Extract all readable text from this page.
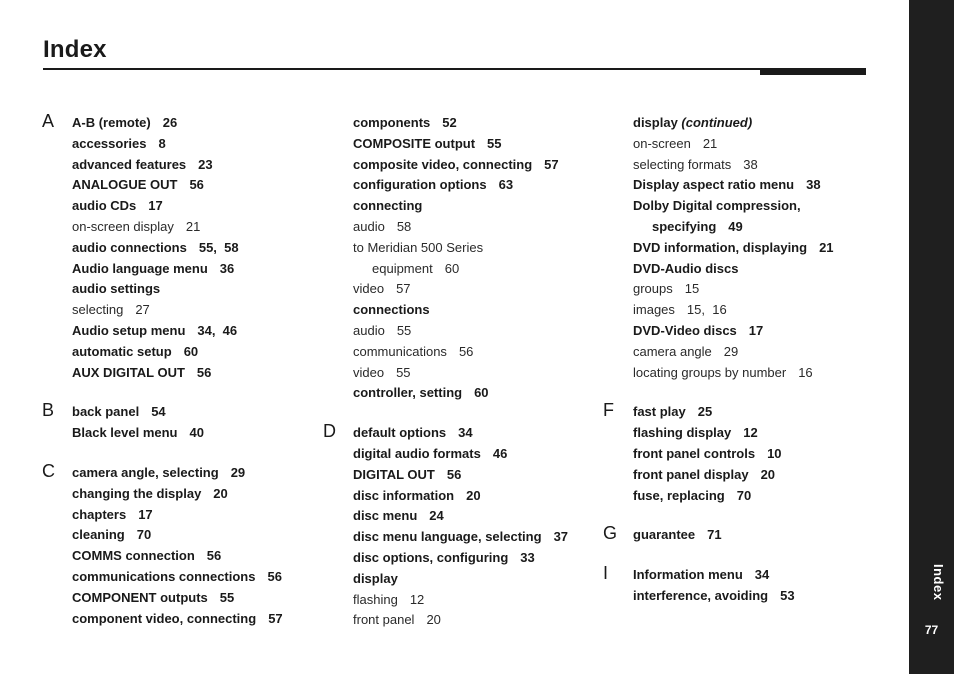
Index
Index
77
A A-B (remote) 26
accessories 8
advanced features 23
ANALOGUE OUT 56
audio CDs 17
on-screen display 21
audio connections 55,  58
Audio language menu 36
audio settings
selecting 27
Audio setup menu 34,  46
automatic setup 60
AUX DIGITAL OUT 56
B back panel 54
Black level menu 40
C camera angle, selecting 29
changing the display 20
chapters 17
cleaning 70
COMMS connection 56
communications connections 56
COMPONENT outputs 55
component video, connecting 57
components 52
COMPOSITE output 55
composite video, connecting 57
configuration options 63
connecting
audio 58
to Meridian 500 Series
equipment 60
video 57
connections
audio 55
communications 56
video 55
controller, setting 60
D default options 34
digital audio formats 46
DIGITAL OUT 56
disc information 20
disc menu 24
disc menu language, selecting 37
disc options, configuring 33
display
flashing 12
front panel 20
display (continued)
on-screen 21
selecting formats 38
Display aspect ratio menu 38
Dolby Digital compression,
specifying 49
DVD information, displaying 21
DVD-Audio discs
groups 15
images 15,  16
DVD-Video discs 17
camera angle 29
locating groups by number 16
F fast play 25
flashing display 12
front panel controls 10
front panel display 20
fuse, replacing 70
G guarantee 71
I Information menu 34
interference, avoiding 53
